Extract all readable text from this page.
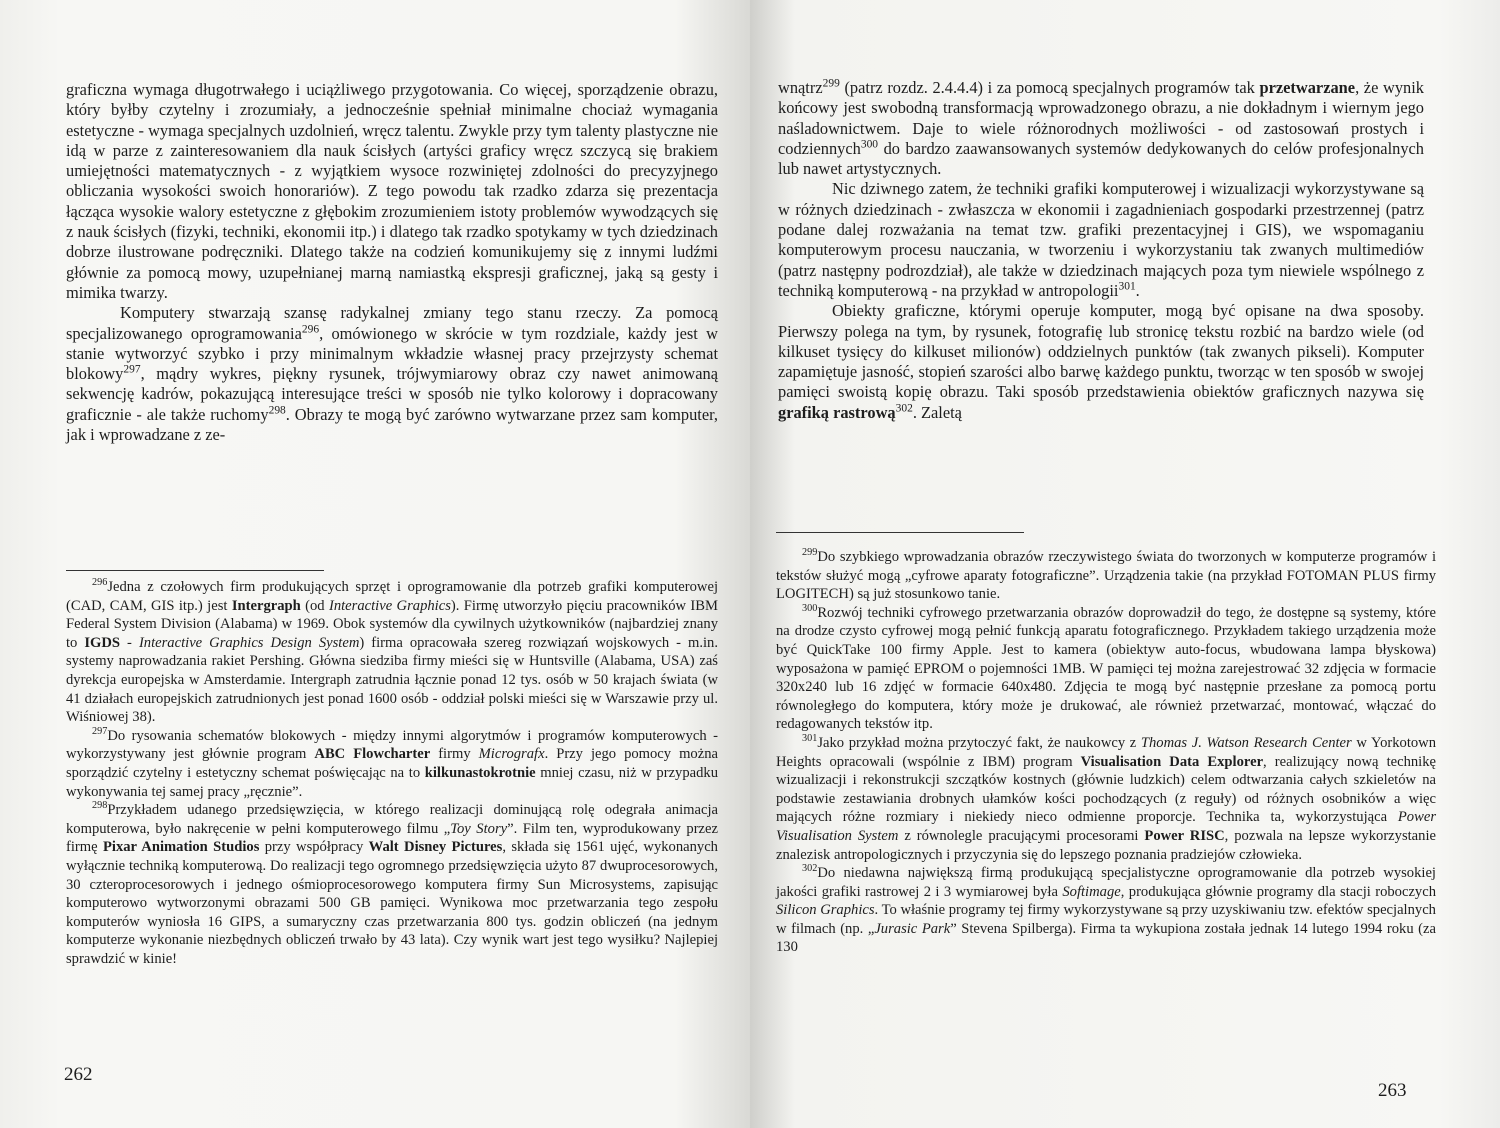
graficzna wymaga długotrwałego i uciążliwego przygotowania. Co więcej, sporządzenie obrazu, który byłby czytelny i zrozumiały, a jednocześnie spełniał minimalne chociaż wymagania estetyczne - wymaga specjalnych uzdolnień, wręcz talentu. Zwykle przy tym talenty plastyczne nie idą w parze z zainteresowaniem dla nauk ścisłych (artyści graficy wręcz szczycą się brakiem umiejętności matematycznych - z wyjątkiem wysoce rozwiniętej zdolności do precyzyjnego obliczania wysokości swoich honorariów). Z tego powodu tak rzadko zdarza się prezentacja łącząca wysokie walory estetyczne z głębokim zrozumieniem istoty problemów wywodzących się z nauk ścisłych (fizyki, techniki, ekonomii itp.) i dlatego tak rzadko spotykamy w tych dziedzinach dobrze ilustrowane podręczniki. Dlatego także na codzień komunikujemy się z innymi ludźmi głównie za pomocą mowy, uzupełnianej marną namiastką ekspresji graficznej, jaką są gesty i mimika twarzy.

Komputery stwarzają szansę radykalnej zmiany tego stanu rzeczy. Za pomocą specjalizowanego oprogramowania$^{296}$, omówionego w skrócie w tym rozdziale, każdy jest w stanie wytworzyć szybko i przy minimalnym wkładzie własnej pracy przejrzysty schemat blokowy$^{297}$, mądry wykres, piękny rysunek, trójwymiarowy obraz czy nawet animowaną sekwencję kadrów, pokazującą interesujące treści w sposób nie tylko kolorowy i dopracowany graficznie - ale także ruchomy$^{298}$. Obrazy te mogą być zarówno wytwarzane przez sam komputer, jak i wprowadzane z ze-

$^{296}$Jedna z czołowych firm produkujących sprzęt i oprogramowanie dla potrzeb grafiki komputerowej (CAD, CAM, GIS itp.) jest Intergraph (od Interactive Graphics). Firmę utworzyło pięciu pracowników IBM Federal System Division (Alabama) w 1969. Obok systemów dla cywilnych użytkowników (najbardziej znany to IGDS - Interactive Graphics Design System) firma opracowała szereg rozwiązań wojskowych - m.in. systemy naprowadzania rakiet Pershing. Główna siedziba firmy mieści się w Huntsville (Alabama, USA) zaś dyrekcja europejska w Amsterdamie. Intergraph zatrudnia łącznie ponad 12 tys. osób w 50 krajach świata (w 41 działach europejskich zatrudnionych jest ponad 1600 osób - oddział polski mieści się w Warszawie przy ul. Wiśniowej 38).

$^{297}$Do rysowania schematów blokowych - między innymi algorytmów i programów komputerowych - wykorzystywany jest głównie program ABC Flowcharter firmy Micrografx. Przy jego pomocy można sporządzić czytelny i estetyczny schemat poświęcając na to kilkunastokrotnie mniej czasu, niż w przypadku wykonywania tej samej pracy „ręcznie”.

$^{298}$Przykładem udanego przedsięwzięcia, w którego realizacji dominującą rolę odegrała animacja komputerowa, było nakręcenie w pełni komputerowego filmu „Toy Story”. Film ten, wyprodukowany przez firmę Pixar Animation Studios przy współpracy Walt Disney Pictures, składa się 1561 ujęć, wykonanych wyłącznie techniką komputerową. Do realizacji tego ogromnego przedsięwzięcia użyto 87 dwuprocesorowych, 30 czteroprocesorowych i jednego ośmioprocesorowego komputera firmy Sun Microsystems, zapisując komputerowo wytworzonymi obrazami 500 GB pamięci. Wynikowa moc przetwarzania tego zespołu komputerów wyniosła 16 GIPS, a sumaryczny czas przetwarzania 800 tys. godzin obliczeń (na jednym komputerze wykonanie niezbędnych obliczeń trwało by 43 lata). Czy wynik wart jest tego wysiłku? Najlepiej sprawdzić w kinie!

262

wnątrz$^{299}$ (patrz rozdz. 2.4.4.4) i za pomocą specjalnych programów tak przetwarzane, że wynik końcowy jest swobodną transformacją wprowadzonego obrazu, a nie dokładnym i wiernym jego naśladownictwem. Daje to wiele różnorodnych możliwości - od zastosowań prostych i codziennych$^{300}$ do bardzo zaawansowanych systemów dedykowanych do celów profesjonalnych lub nawet artystycznych.

Nic dziwnego zatem, że techniki grafiki komputerowej i wizualizacji wykorzystywane są w różnych dziedzinach - zwłaszcza w ekonomii i zagadnieniach gospodarki przestrzennej (patrz podane dalej rozważania na temat tzw. grafiki prezentacyjnej i GIS), we wspomaganiu komputerowym procesu nauczania, w tworzeniu i wykorzystaniu tak zwanych multimediów (patrz następny podrozdział), ale także w dziedzinach mających poza tym niewiele wspólnego z techniką komputerową - na przykład w antropologii$^{301}$.

Obiekty graficzne, którymi operuje komputer, mogą być opisane na dwa sposoby. Pierwszy polega na tym, by rysunek, fotografię lub stronicę tekstu rozbić na bardzo wiele (od kilkuset tysięcy do kilkuset milionów) oddzielnych punktów (tak zwanych pikseli). Komputer zapamiętuje jasność, stopień szarości albo barwę każdego punktu, tworząc w ten sposób w swojej pamięci swoistą kopię obrazu. Taki sposób przedstawienia obiektów graficznych nazywa się grafiką rastrową$^{302}$. Zaletą

$^{299}$Do szybkiego wprowadzania obrazów rzeczywistego świata do tworzonych w komputerze programów i tekstów służyć mogą „cyfrowe aparaty fotograficzne”. Urządzenia takie (na przykład FOTOMAN PLUS firmy LOGITECH) są już stosunkowo tanie.

$^{300}$Rozwój techniki cyfrowego przetwarzania obrazów doprowadził do tego, że dostępne są systemy, które na drodze czysto cyfrowej mogą pełnić funkcją aparatu fotograficznego. Przykładem takiego urządzenia może być QuickTake 100 firmy Apple. Jest to kamera (obiektyw auto-focus, wbudowana lampa błyskowa) wyposażona w pamięć EPROM o pojemności 1MB. W pamięci tej można zarejestrować 32 zdjęcia w formacie 320x240 lub 16 zdjęć w formacie 640x480. Zdjęcia te mogą być następnie przesłane za pomocą portu równoległego do komputera, który może je drukować, ale również przetwarzać, montować, włączać do redagowanych tekstów itp.

$^{301}$Jako przykład można przytoczyć fakt, że naukowcy z Thomas J. Watson Research Center w Yorkotown Heights opracowali (wspólnie z IBM) program Visualisation Data Explorer, realizujący nową technikę wizualizacji i rekonstrukcji szczątków kostnych (głównie ludzkich) celem odtwarzania całych szkieletów na podstawie zestawiania drobnych ułamków kości pochodzących (z reguły) od różnych osobników a więc mających różne rozmiary i niekiedy nieco odmienne proporcje. Technika ta, wykorzystująca Power Visualisation System z równolegle pracującymi procesorami Power RISC, pozwala na lepsze wykorzystanie znalezisk antropologicznych i przyczynia się do lepszego poznania pradziejów człowieka.

$^{302}$Do niedawna największą firmą produkującą specjalistyczne oprogramowanie dla potrzeb wysokiej jakości grafiki rastrowej 2 i 3 wymiarowej była Softimage, produkująca głównie programy dla stacji roboczych Silicon Graphics. To właśnie programy tej firmy wykorzystywane są przy uzyskiwaniu tzw. efektów specjalnych w filmach (np. „Jurasic Park” Stevena Spilberga). Firma ta wykupiona została jednak 14 lutego 1994 roku (za 130

263
